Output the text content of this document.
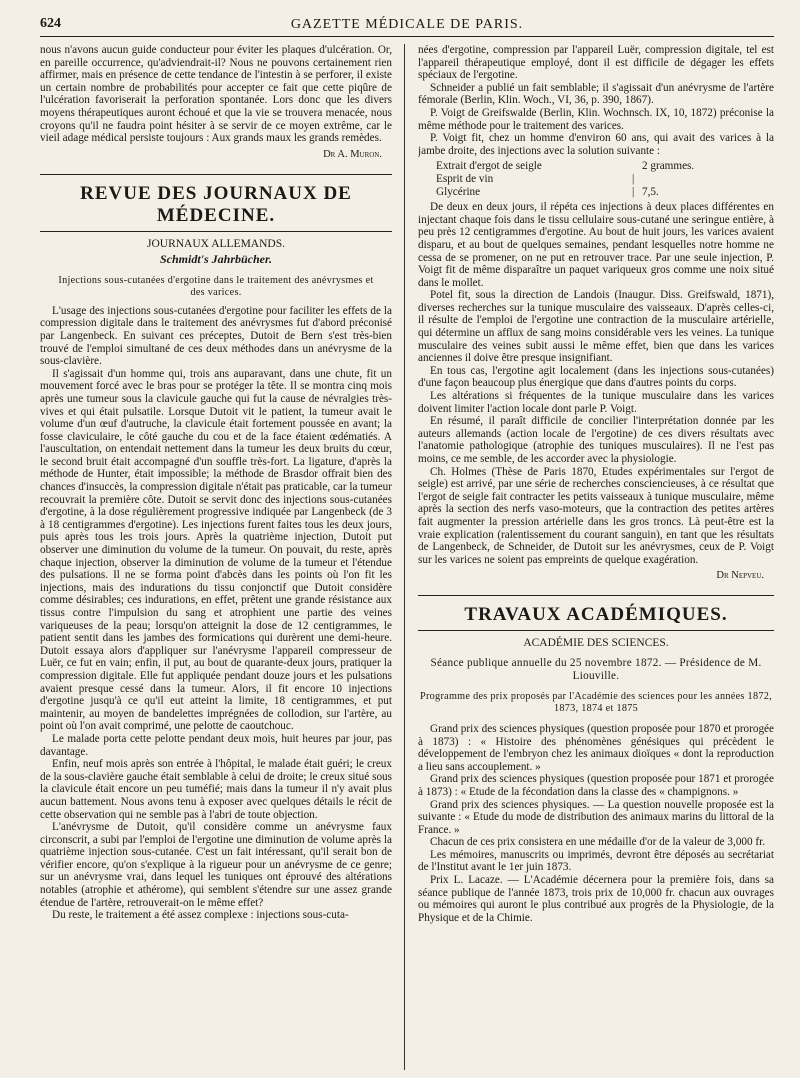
624	GAZETTE MÉDICALE DE PARIS.

nous n'avons aucun guide conducteur pour éviter les plaques d'ulcération. Or, en pareille occurrence, qu'adviendrait-il? Nous ne pouvons certainement rien affirmer, mais en présence de cette tendance de l'intestin à se perforer, il existe un certain nombre de probabilités pour accepter ce fait que cette piqûre de l'ulcération favoriserait la perforation spontanée. Lors donc que les divers moyens thérapeutiques auront échoué et que la vie se trouvera menacée, nous croyons qu'il ne faudra point hésiter à se servir de ce moyen extrême, car le vieil adage médical persiste toujours : Aux grands maux les grands remèdes.

Dr A. Muron.
REVUE DES JOURNAUX DE MÉDECINE.
JOURNAUX ALLEMANDS.
Schmidt's Jahrbücher.
Injections sous-cutanées d'ergotine dans le traitement des anévrysmes et des varices.

L'usage des injections sous-cutanées d'ergotine pour faciliter les effets de la compression digitale dans le traitement des anévrysmes fut d'abord préconisé par Langenbeck. En suivant ces préceptes, Dutoit de Bern s'est très-bien trouvé de l'emploi simultané de ces deux méthodes dans un anévrysme de la sous-clavière.

Il s'agissait d'un homme qui, trois ans auparavant, dans une chute, fit un mouvement forcé avec le bras pour se protéger la tête. Il se montra cinq mois après une tumeur sous la clavicule gauche qui fut la cause de névralgies très-vives et qui était pulsatile. Lorsque Dutoit vit le patient, la tumeur avait le volume d'un œuf d'autruche, la clavicule était fortement poussée en avant; la fosse claviculaire, le côté gauche du cou et de la face étaient œdématiés. A l'auscultation, on entendait nettement dans la tumeur les deux bruits du cœur, le second bruit était accompagné d'un souffle très-fort. La ligature, d'après la méthode de Hunter, était impossible; la méthode de Brasdor offrait bien des chances d'insuccès, la compression digitale n'était pas praticable, car la tumeur recouvrait la première côte. Dutoit se servit donc des injections sous-cutanées d'ergotine, à la dose régulièrement progressive indiquée par Langenbeck (de 3 à 18 centigrammes d'ergotine). Les injections furent faites tous les deux jours, puis après tous les trois jours. Après la quatrième injection, Dutoit put observer une diminution du volume de la tumeur. On pouvait, du reste, après chaque injection, observer la diminution de volume de la tumeur et l'étendue des pulsations. Il ne se forma point d'abcès dans les points où l'on fit les injections, mais des indurations du tissu conjonctif que Dutoit considère comme désirables; ces indurations, en effet, prêtent une grande résistance aux tissus contre l'impulsion du sang et atrophient une partie des veines variqueuses de la peau; lorsqu'on atteignit la dose de 12 centigrammes, le patient sentit dans les jambes des formications qui durèrent une demi-heure. Dutoit essaya alors d'appliquer sur l'anévrysme l'appareil compresseur de Luër, ce fut en vain; enfin, il put, au bout de quarante-deux jours, pratiquer la compression digitale. Elle fut appliquée pendant douze jours et les pulsations avaient presque cessé dans la tumeur. Alors, il fit encore 10 injections d'ergotine jusqu'à ce qu'il eut atteint la limite, 18 centigrammes, et put maintenir, au moyen de bandelettes imprégnées de collodion, sur l'artère, au point où l'on avait comprimé, une pelotte de caoutchouc.

Le malade porta cette pelotte pendant deux mois, huit heures par jour, pas davantage.

Enfin, neuf mois après son entrée à l'hôpital, le malade était guéri; le creux de la sous-clavière gauche était semblable à celui de droite; le creux situé sous la clavicule était encore un peu tuméfié; mais dans la tumeur il n'y avait plus aucun battement. Nous avons tenu à exposer avec quelques détails le récit de cette observation qui ne semble pas à l'abri de toute objection.

L'anévrysme de Dutoit, qu'il considère comme un anévrysme faux circonscrit, a subi par l'emploi de l'ergotine une diminution de volume après la quatrième injection sous-cutanée. C'est un fait intéressant, qu'il serait bon de vérifier encore, qu'on s'explique à la rigueur pour un anévrysme de ce genre; sur un anévrysme vrai, dans lequel les tuniques ont éprouvé des altérations notables (atrophie et athérome), qui semblent s'étendre sur une assez grande étendue de l'artère, retrouverait-on le même effet?

Du reste, le traitement a été assez complexe : injections sous-cuta-

nées d'ergotine, compression par l'appareil Luër, compression digitale, tel est l'appareil thérapeutique employé, dont il est difficile de dégager les effets spéciaux de l'ergotine.

Schneider a publié un fait semblable; il s'agissait d'un anévrysme de l'artère fémorale (Berlin, Klin. Woch., VI, 36, p. 390, 1867).

P. Voigt de Greifswalde (Berlin, Klin. Wochnsch. IX, 10, 1872) préconise la même méthode pour le traitement des varices.

P. Voigt fit, chez un homme d'environ 60 ans, qui avait des varices à la jambe droite, des injections avec la solution suivante :

Extrait d'ergot de seigle	2 grammes.
Esprit de vin	|
Glycérine	| 7,5.

De deux en deux jours, il répéta ces injections à deux places différentes en injectant chaque fois dans le tissu cellulaire sous-cutané une seringue entière, à peu près 12 centigrammes d'ergotine. Au bout de huit jours, les varices avaient disparu, et au bout de quelques semaines, pendant lesquelles notre homme ne cessa de se promener, on ne put en retrouver trace. Par une seule injection, P. Voigt fit de même disparaître un paquet variqueux gros comme une noix situé dans le mollet.

Potel fit, sous la direction de Landois (Inaugur. Diss. Greifswald, 1871), diverses recherches sur la tunique musculaire des vaisseaux. D'après celles-ci, il résulte de l'emploi de l'ergotine une contraction de la musculaire artérielle, qui détermine un afflux de sang moins considérable vers les veines. La tunique musculaire des veines subit aussi le même effet, bien que dans les varices anciennes il doive être presque insignifiant.

En tous cas, l'ergotine agit localement (dans les injections sous-cutanées) d'une façon beaucoup plus énergique que dans d'autres points du corps.

Les altérations si fréquentes de la tunique musculaire dans les varices doivent limiter l'action locale dont parle P. Voigt.

En résumé, il paraît difficile de concilier l'interprétation donnée par les auteurs allemands (action locale de l'ergotine) de ces divers résultats avec l'anatomie pathologique (atrophie des tuniques musculaires). Il ne l'est pas moins, ce me semble, de les accorder avec la physiologie.

Ch. Holmes (Thèse de Paris 1870, Etudes expérimentales sur l'ergot de seigle) est arrivé, par une série de recherches consciencieuses, à ce résultat que l'ergot de seigle fait contracter les petits vaisseaux à tunique musculaire, même après la section des nerfs vaso-moteurs, que la contraction des petites artères fait augmenter la pression artérielle dans les gros troncs. Là peut-être est la vraie explication (ralentissement du courant sanguin), en tant que les résultats de Langenbeck, de Schneider, de Dutoit sur les anévrysmes, ceux de P. Voigt sur les varices ne soient pas empreints de quelque exagération.

Dr Nepveu.
TRAVAUX ACADÉMIQUES.
ACADÉMIE DES SCIENCES.
Séance publique annuelle du 25 novembre 1872. — Présidence de M. Liouville.
Programme des prix proposés par l'Académie des sciences pour les années 1872, 1873, 1874 et 1875

Grand prix des sciences physiques (question proposée pour 1870 et prorogée à 1873) : « Histoire des phénomènes génésiques qui précèdent le développement de l'embryon chez les animaux dioïques « dont la reproduction a lieu sans accouplement. »

Grand prix des sciences physiques (question proposée pour 1871 et prorogée à 1873) : « Etude de la fécondation dans la classe des « champignons. »

Grand prix des sciences physiques. — La question nouvelle proposée est la suivante : « Etude du mode de distribution des animaux marins du littoral de la France. »

Chacun de ces prix consistera en une médaille d'or de la valeur de 3,000 fr.

Les mémoires, manuscrits ou imprimés, devront être déposés au secrétariat de l'Institut avant le 1er juin 1873.

Prix L. Lacaze. — L'Académie décernera pour la première fois, dans sa séance publique de l'année 1873, trois prix de 10,000 fr. chacun aux ouvrages ou mémoires qui auront le plus contribué aux progrès de la Physiologie, de la Physique et de la Chimie.
